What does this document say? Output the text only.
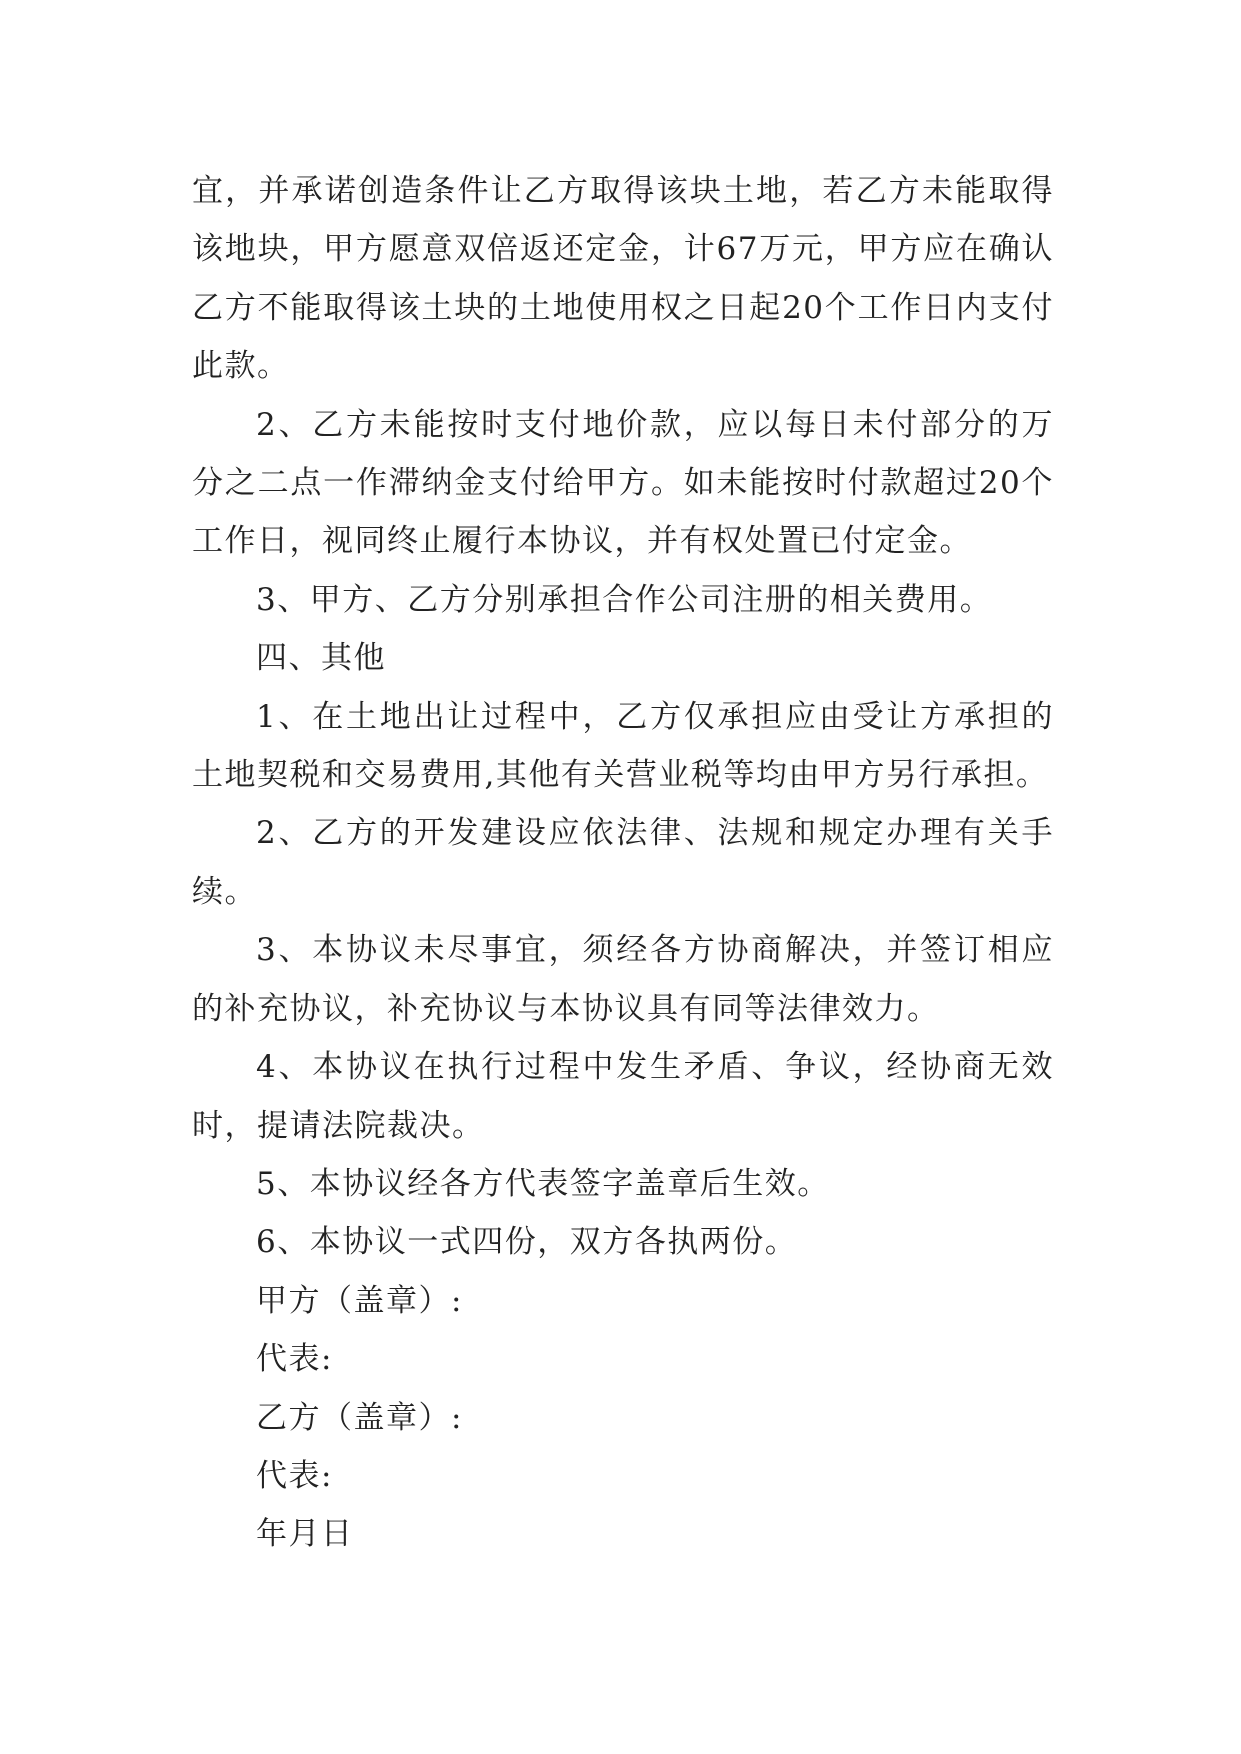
宜，并承诺创造条件让乙方取得该块土地，若乙方未能取得该地块，甲方愿意双倍返还定金，计67万元，甲方应在确认乙方不能取得该土块的土地使用权之日起20个工作日内支付此款。

2、乙方未能按时支付地价款，应以每日未付部分的万分之二点一作滞纳金支付给甲方。如未能按时付款超过20个工作日，视同终止履行本协议，并有权处置已付定金。

3、甲方、乙方分别承担合作公司注册的相关费用。

四、其他

1、在土地出让过程中，乙方仅承担应由受让方承担的土地契税和交易费用,其他有关营业税等均由甲方另行承担。

2、乙方的开发建设应依法律、法规和规定办理有关手续。

3、本协议未尽事宜，须经各方协商解决，并签订相应的补充协议，补充协议与本协议具有同等法律效力。

4、本协议在执行过程中发生矛盾、争议，经协商无效时，提请法院裁决。

5、本协议经各方代表签字盖章后生效。

6、本协议一式四份，双方各执两份。

甲方（盖章）:

代表:

乙方（盖章）:

代表:

年月日
